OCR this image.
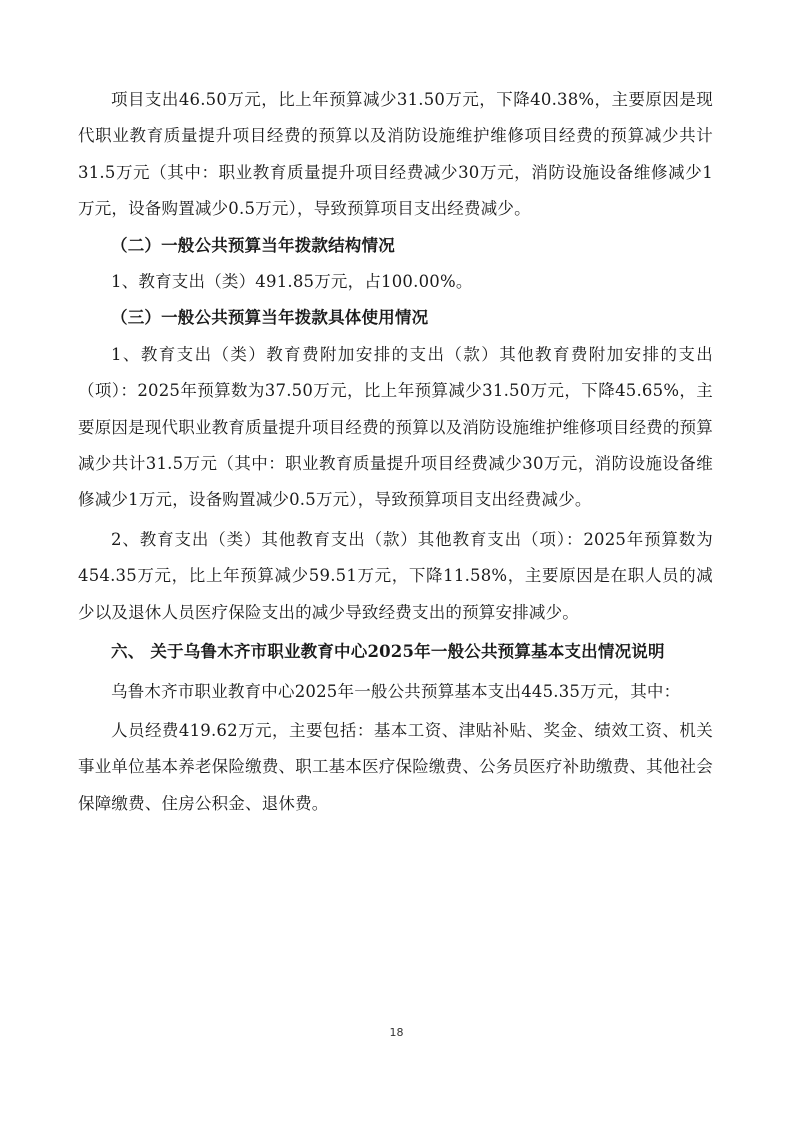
项目支出46.50万元，比上年预算减少31.50万元，下降40.38%，主要原因是现代职业教育质量提升项目经费的预算以及消防设施维护维修项目经费的预算减少共计31.5万元（其中：职业教育质量提升项目经费减少30万元，消防设施设备维修减少1万元，设备购置减少0.5万元），导致预算项目支出经费减少。

（二）一般公共预算当年拨款结构情况

1、教育支出（类）491.85万元，占100.00%。

（三）一般公共预算当年拨款具体使用情况

1、教育支出（类）教育费附加安排的支出（款）其他教育费附加安排的支出（项）：2025年预算数为37.50万元，比上年预算减少31.50万元，下降45.65%，主要原因是现代职业教育质量提升项目经费的预算以及消防设施维护维修项目经费的预算减少共计31.5万元（其中：职业教育质量提升项目经费减少30万元，消防设施设备维修减少1万元，设备购置减少0.5万元），导致预算项目支出经费减少。

2、教育支出（类）其他教育支出（款）其他教育支出（项）：2025年预算数为454.35万元，比上年预算减少59.51万元，下降11.58%，主要原因是在职人员的减少以及退休人员医疗保险支出的减少导致经费支出的预算安排减少。

六、 关于乌鲁木齐市职业教育中心2025年一般公共预算基本支出情况说明

乌鲁木齐市职业教育中心2025年一般公共预算基本支出445.35万元，其中：

人员经费419.62万元，主要包括：基本工资、津贴补贴、奖金、绩效工资、机关事业单位基本养老保险缴费、职工基本医疗保险缴费、公务员医疗补助缴费、其他社会保障缴费、住房公积金、退休费。

18
